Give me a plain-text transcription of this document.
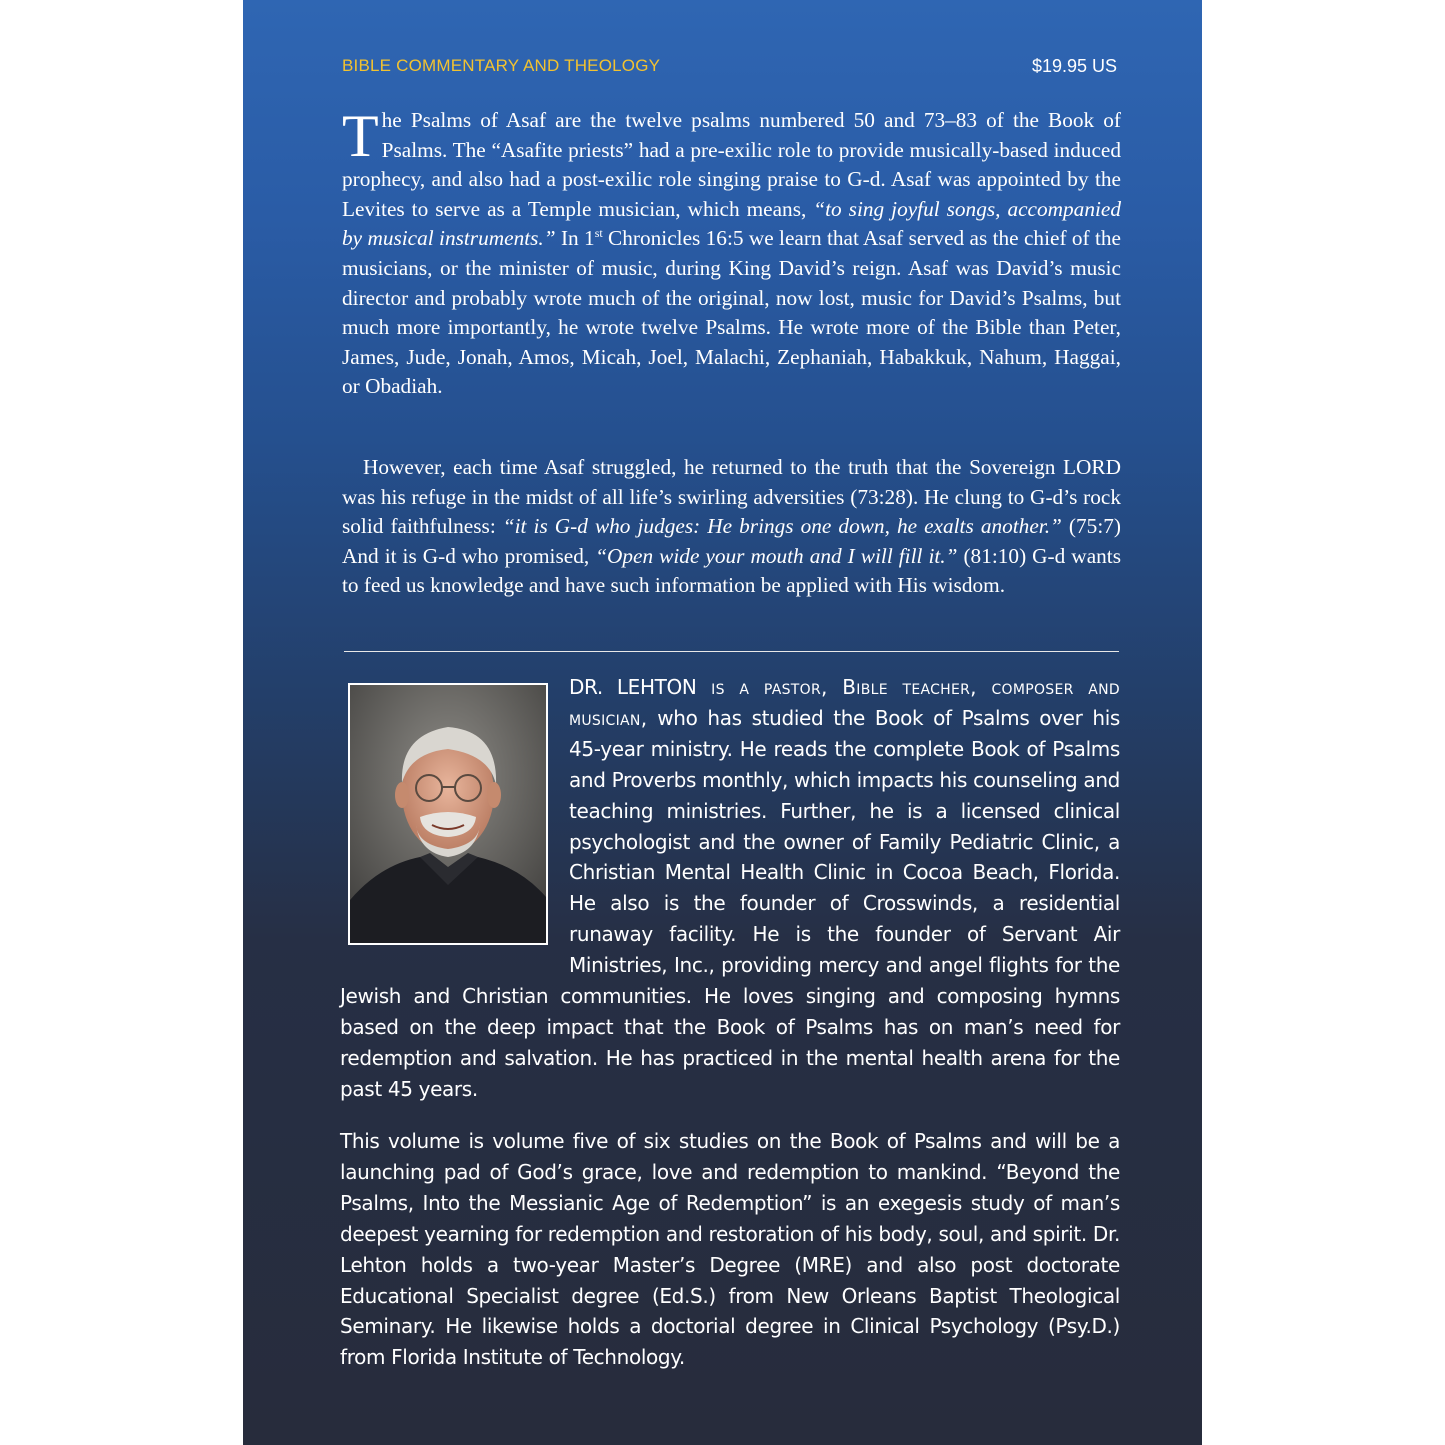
BIBLE COMMENTARY AND THEOLOGY	$19.95 US
The Psalms of Asaf are the twelve psalms numbered 50 and 73–83 of the Book of Psalms. The “Asafite priests” had a pre-exilic role to provide musically-based induced prophecy, and also had a post-exilic role singing praise to G-d. Asaf was appointed by the Levites to serve as a Temple musician, which means, “to sing joyful songs, accompanied by musical instruments.” In 1st Chronicles 16:5 we learn that Asaf served as the chief of the musicians, or the minister of music, during King David’s reign. Asaf was David’s music director and probably wrote much of the original, now lost, music for David’s Psalms, but much more importantly, he wrote twelve Psalms. He wrote more of the Bible than Peter, James, Jude, Jonah, Amos, Micah, Joel, Malachi, Zephaniah, Habakkuk, Nahum, Haggai, or Obadiah.
However, each time Asaf struggled, he returned to the truth that the Sovereign LORD was his refuge in the midst of all life’s swirling adversities (73:28). He clung to G-d’s rock solid faithfulness: “it is G-d who judges: He brings one down, he exalts another.” (75:7) And it is G-d who promised, “Open wide your mouth and I will fill it.” (81:10) G-d wants to feed us knowledge and have such information be applied with His wisdom.
DR. LEHTON is a pastor, Bible teacher, composer and musician, who has studied the Book of Psalms over his 45-year ministry. He reads the complete Book of Psalms and Proverbs monthly, which impacts his counseling and teaching ministries. Further, he is a licensed clinical psychologist and the owner of Family Pediatric Clinic, a Christian Mental Health Clinic in Cocoa Beach, Florida. He also is the founder of Crosswinds, a residential runaway facility. He is the founder of Servant Air Ministries, Inc., providing mercy and angel flights for the Jewish and Christian communities. He loves singing and composing hymns based on the deep impact that the Book of Psalms has on man’s need for redemption and salvation. He has practiced in the mental health arena for the past 45 years.
This volume is volume five of six studies on the Book of Psalms and will be a launching pad of God’s grace, love and redemption to mankind. “Beyond the Psalms, Into the Messianic Age of Redemption” is an exegesis study of man’s deepest yearning for redemption and restoration of his body, soul, and spirit. Dr. Lehton holds a two-year Master’s Degree (MRE) and also post doctorate Educational Specialist degree (Ed.S.) from New Orleans Baptist Theological Seminary. He likewise holds a doctorial degree in Clinical Psychology (Psy.D.) from Florida Institute of Technology.
